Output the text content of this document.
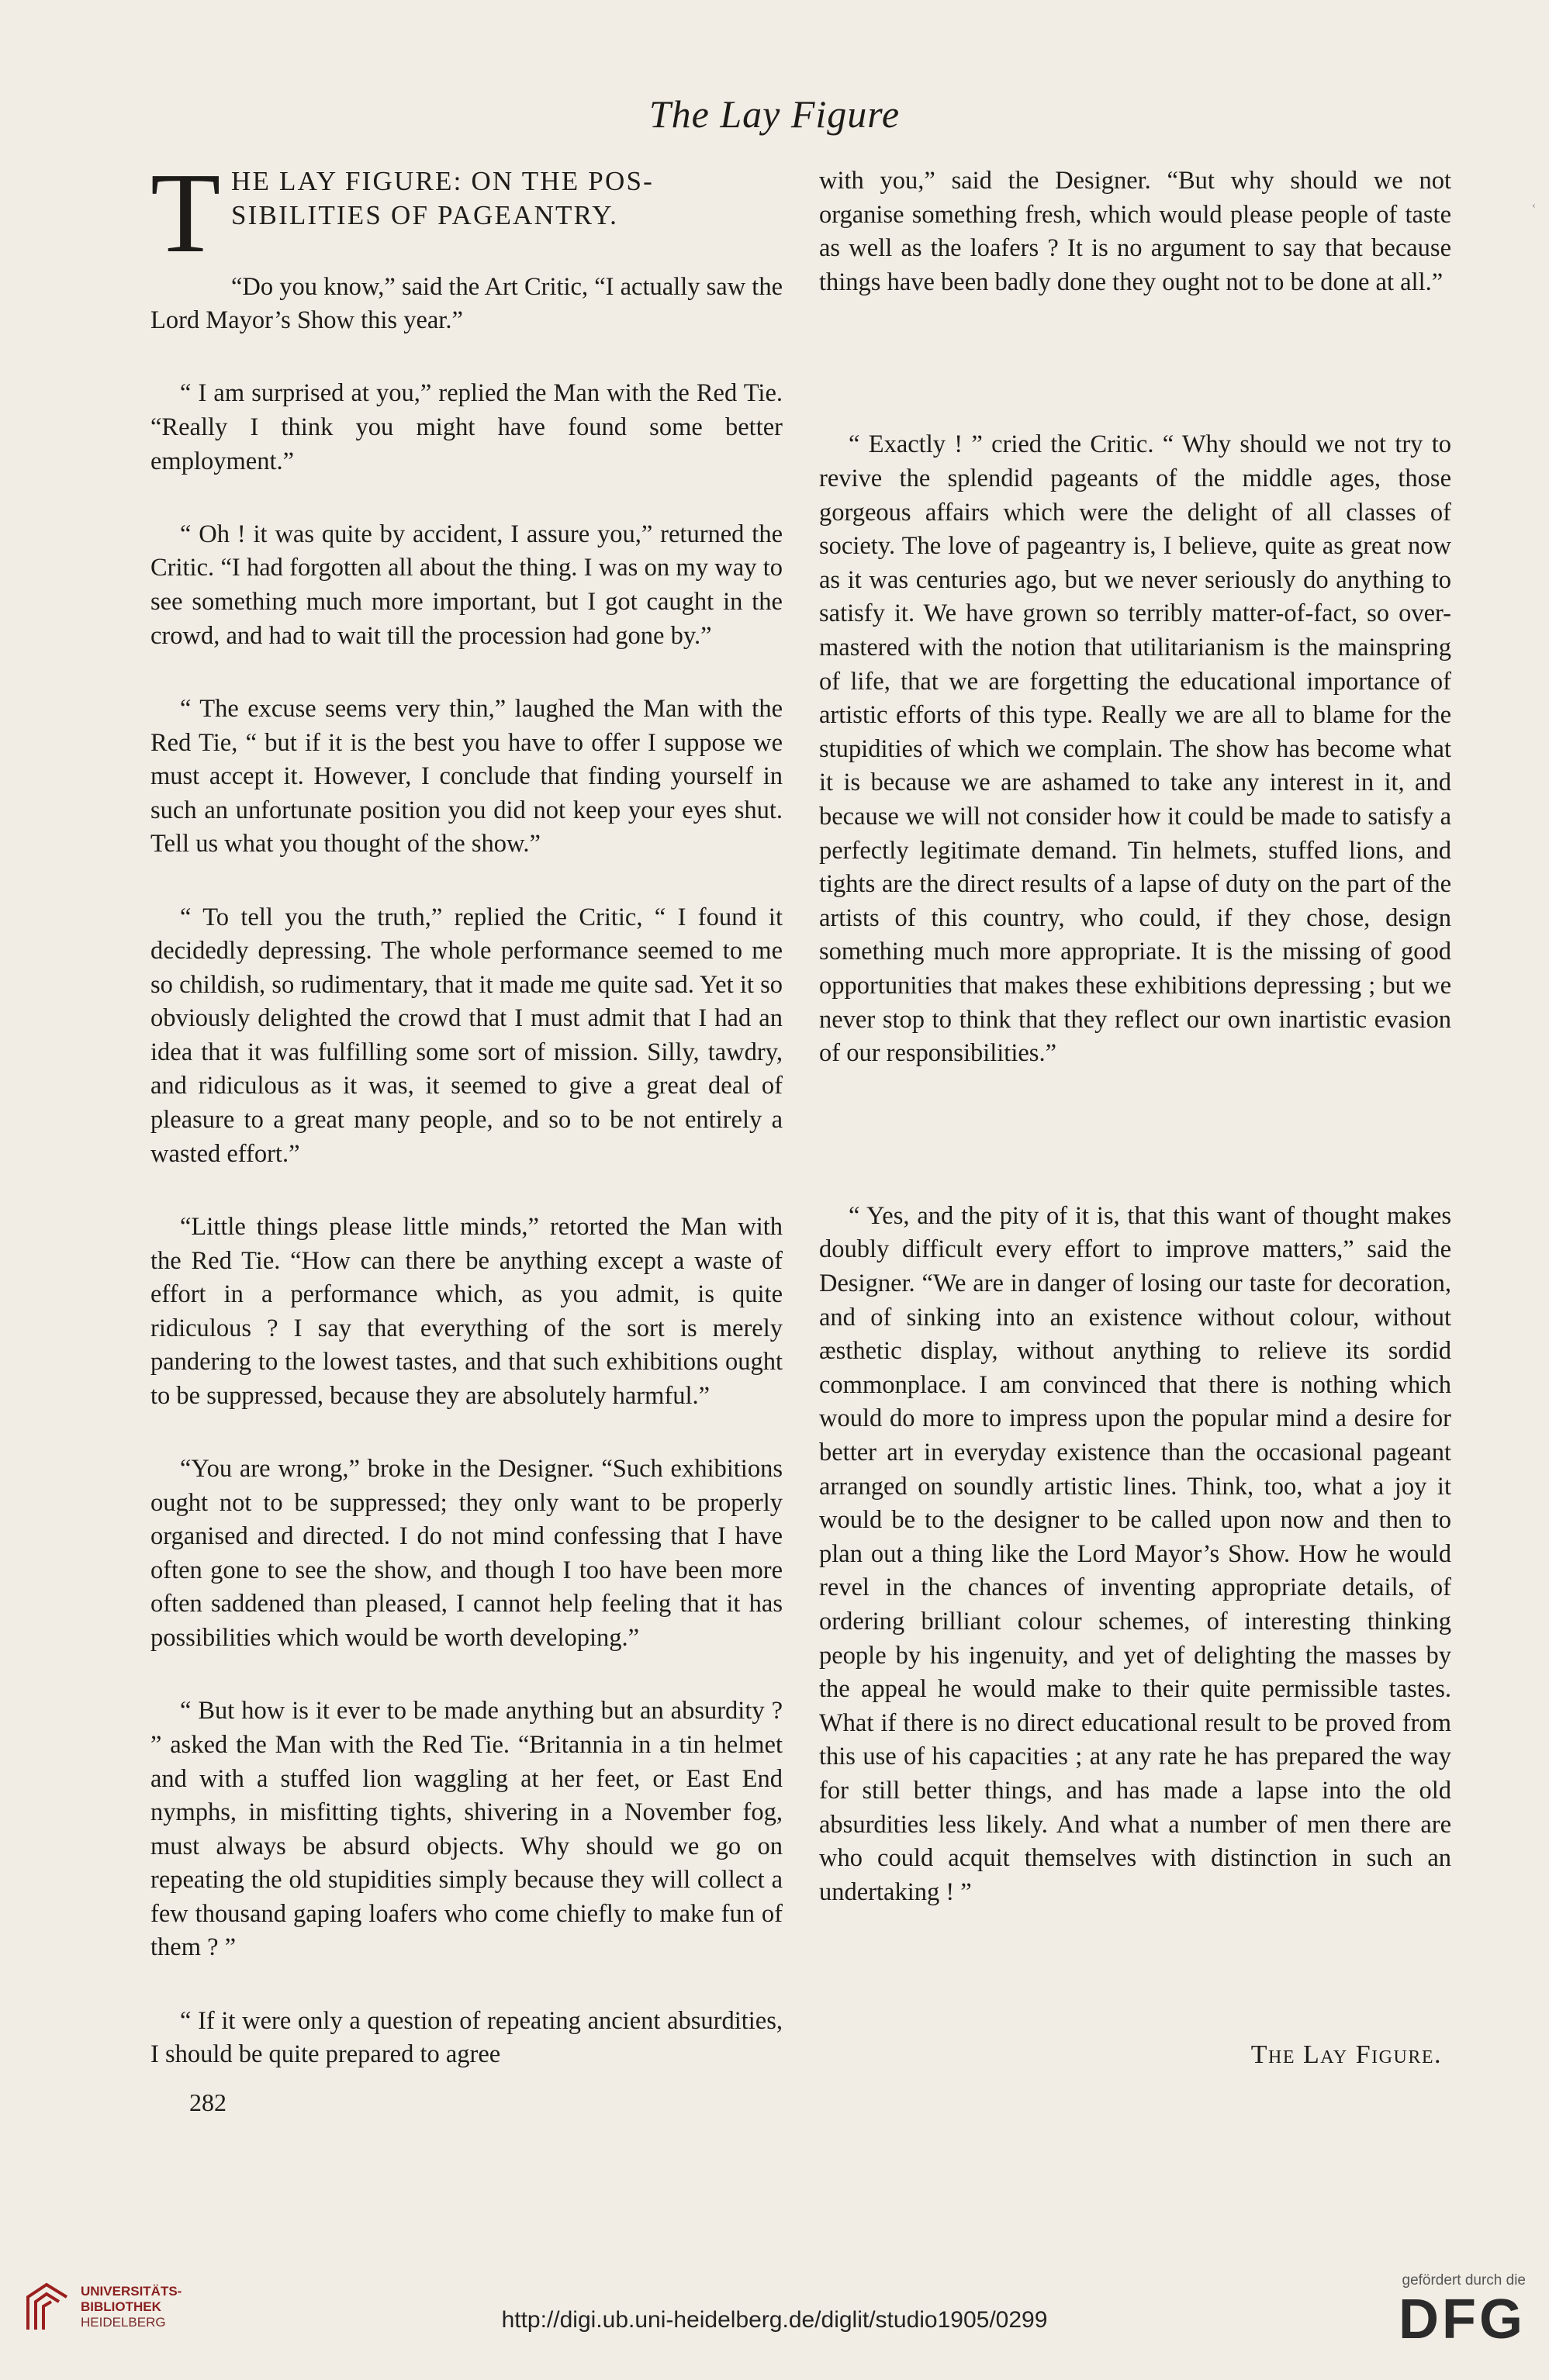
The Lay Figure
‹
T HE LAY FIGURE: ON THE POS-SIBILITIES OF PAGEANTRY.

“Do you know,” said the Art Critic, “I actually saw the Lord Mayor’s Show this year.”

“ I am surprised at you,” replied the Man with the Red Tie. “Really I think you might have found some better employment.”

“ Oh ! it was quite by accident, I assure you,” returned the Critic. “I had forgotten all about the thing. I was on my way to see something much more important, but I got caught in the crowd, and had to wait till the procession had gone by.”

“ The excuse seems very thin,” laughed the Man with the Red Tie, “ but if it is the best you have to offer I suppose we must accept it. However, I conclude that finding yourself in such an unfortunate position you did not keep your eyes shut. Tell us what you thought of the show.”

“ To tell you the truth,” replied the Critic, “ I found it decidedly depressing. The whole performance seemed to me so childish, so rudimentary, that it made me quite sad. Yet it so obviously delighted the crowd that I must admit that I had an idea that it was fulfilling some sort of mission. Silly, tawdry, and ridiculous as it was, it seemed to give a great deal of pleasure to a great many people, and so to be not entirely a wasted effort.”

“Little things please little minds,” retorted the Man with the Red Tie. “How can there be anything except a waste of effort in a performance which, as you admit, is quite ridiculous ? I say that everything of the sort is merely pandering to the lowest tastes, and that such exhibitions ought to be suppressed, because they are absolutely harmful.”

“You are wrong,” broke in the Designer. “Such exhibitions ought not to be suppressed; they only want to be properly organised and directed. I do not mind confessing that I have often gone to see the show, and though I too have been more often saddened than pleased, I cannot help feeling that it has possibilities which would be worth developing.”

“ But how is it ever to be made anything but an absurdity ? ” asked the Man with the Red Tie. “Britannia in a tin helmet and with a stuffed lion waggling at her feet, or East End nymphs, in misfitting tights, shivering in a November fog, must always be absurd objects. Why should we go on repeating the old stupidities simply because they will collect a few thousand gaping loafers who come chiefly to make fun of them ? ”

“ If it were only a question of repeating ancient absurdities, I should be quite prepared to agree

with you,” said the Designer. “But why should we not organise something fresh, which would please people of taste as well as the loafers ? It is no argument to say that because things have been badly done they ought not to be done at all.”

“ Exactly ! ” cried the Critic. “ Why should we not try to revive the splendid pageants of the middle ages, those gorgeous affairs which were the delight of all classes of society. The love of pageantry is, I believe, quite as great now as it was centuries ago, but we never seriously do anything to satisfy it. We have grown so terribly matter-of-fact, so over-mastered with the notion that utilitarianism is the mainspring of life, that we are forgetting the educational importance of artistic efforts of this type. Really we are all to blame for the stupidities of which we complain. The show has become what it is because we are ashamed to take any interest in it, and because we will not consider how it could be made to satisfy a perfectly legitimate demand. Tin helmets, stuffed lions, and tights are the direct results of a lapse of duty on the part of the artists of this country, who could, if they chose, design something much more appropriate. It is the missing of good opportunities that makes these exhibitions depressing ; but we never stop to think that they reflect our own inartistic evasion of our responsibilities.”

“ Yes, and the pity of it is, that this want of thought makes doubly difficult every effort to improve matters,” said the Designer. “We are in danger of losing our taste for decoration, and of sinking into an existence without colour, without æsthetic display, without anything to relieve its sordid commonplace. I am convinced that there is nothing which would do more to impress upon the popular mind a desire for better art in everyday existence than the occasional pageant arranged on soundly artistic lines. Think, too, what a joy it would be to the designer to be called upon now and then to plan out a thing like the Lord Mayor’s Show. How he would revel in the chances of inventing appropriate details, of ordering brilliant colour schemes, of interesting thinking people by his ingenuity, and yet of delighting the masses by the appeal he would make to their quite permissible tastes. What if there is no direct educational result to be proved from this use of his capacities ; at any rate he has prepared the way for still better things, and has made a lapse into the old absurdities less likely. And what a number of men there are who could acquit themselves with distinction in such an undertaking ! ”

The Lay Figure.

282
UNIVERSITÄTS-
BIBLIOTHEK
HEIDELBERG	http://digi.ub.uni-heidelberg.de/diglit/studio1905/0299
gefördert durch die
DFG
